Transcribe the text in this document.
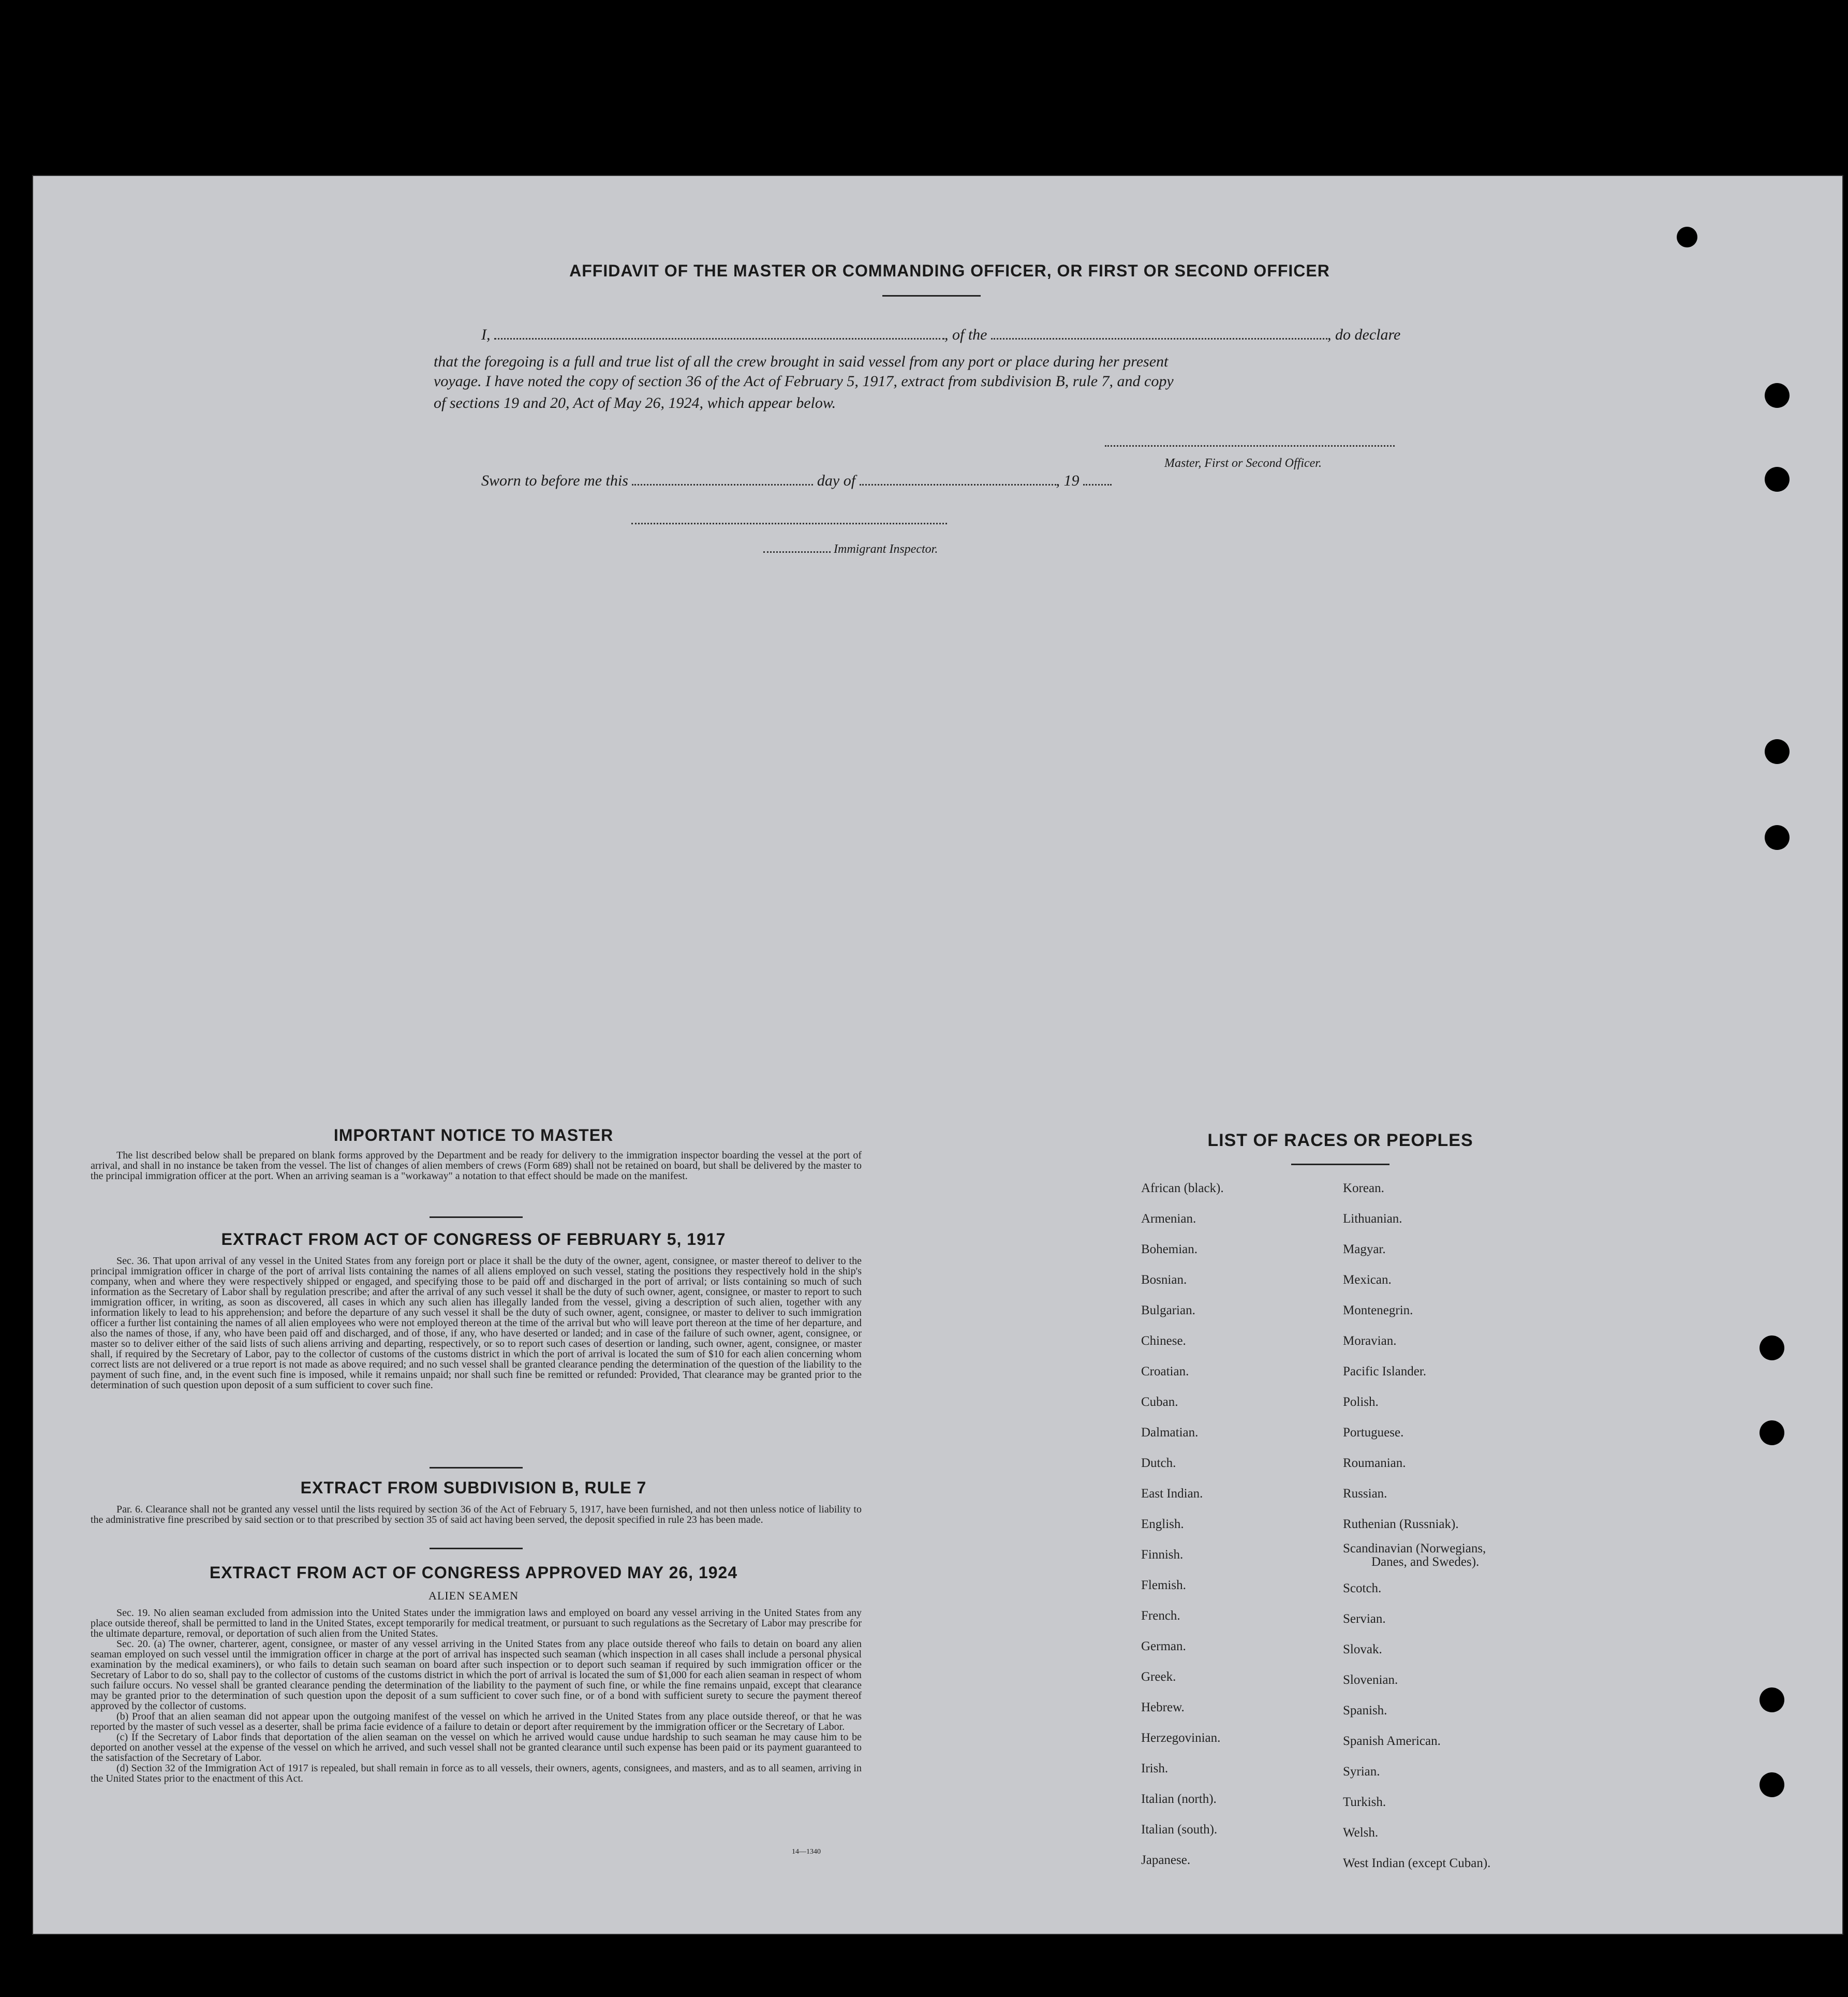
AFFIDAVIT OF THE MASTER OR COMMANDING OFFICER, OR FIRST OR SECOND OFFICER
I,	, of the	, do declare
that the foregoing is a full and true list of all the crew brought in said vessel from any port or place during her present
voyage. I have noted the copy of section 36 of the Act of February 5, 1917, extract from subdivision B, rule 7, and copy
of sections 19 and 20, Act of May 26, 1924, which appear below.
Master, First or Second Officer.
Sworn to before me this	day of	, 19
Immigrant Inspector.
IMPORTANT NOTICE TO MASTER

The list described below shall be prepared on blank forms approved by the Department and be ready for delivery to the immigration inspector boarding the vessel at the port of arrival, and shall in no instance be taken from the vessel. The list of changes of alien members of crews (Form 689) shall not be retained on board, but shall be delivered by the master to the principal immigration officer at the port. When an arriving seaman is a "workaway" a notation to that effect should be made on the manifest.

EXTRACT FROM ACT OF CONGRESS OF FEBRUARY 5, 1917

Sec. 36. That upon arrival of any vessel in the United States from any foreign port or place it shall be the duty of the owner, agent, consignee, or master thereof to deliver to the principal immigration officer in charge of the port of arrival lists containing the names of all aliens employed on such vessel, stating the positions they respectively hold in the ship's company, when and where they were respectively shipped or engaged, and specifying those to be paid off and discharged in the port of arrival; or lists containing so much of such information as the Secretary of Labor shall by regulation prescribe; and after the arrival of any such vessel it shall be the duty of such owner, agent, consignee, or master to report to such immigration officer, in writing, as soon as discovered, all cases in which any such alien has illegally landed from the vessel, giving a description of such alien, together with any information likely to lead to his apprehension; and before the departure of any such vessel it shall be the duty of such owner, agent, consignee, or master to deliver to such immigration officer a further list containing the names of all alien employees who were not employed thereon at the time of the arrival but who will leave port thereon at the time of her departure, and also the names of those, if any, who have been paid off and discharged, and of those, if any, who have deserted or landed; and in case of the failure of such owner, agent, consignee, or master so to deliver either of the said lists of such aliens arriving and departing, respectively, or so to report such cases of desertion or landing, such owner, agent, consignee, or master shall, if required by the Secretary of Labor, pay to the collector of customs of the customs district in which the port of arrival is located the sum of $10 for each alien concerning whom correct lists are not delivered or a true report is not made as above required; and no such vessel shall be granted clearance pending the determination of the question of the liability to the payment of such fine, and, in the event such fine is imposed, while it remains unpaid; nor shall such fine be remitted or refunded: Provided, That clearance may be granted prior to the determination of such question upon deposit of a sum sufficient to cover such fine.

EXTRACT FROM SUBDIVISION B, RULE 7

Par. 6. Clearance shall not be granted any vessel until the lists required by section 36 of the Act of February 5, 1917, have been furnished, and not then unless notice of liability to the administrative fine prescribed by said section or to that prescribed by section 35 of said act having been served, the deposit specified in rule 23 has been made.

EXTRACT FROM ACT OF CONGRESS APPROVED MAY 26, 1924
ALIEN SEAMEN

Sec. 19. No alien seaman excluded from admission into the United States under the immigration laws and employed on board any vessel arriving in the United States from any place outside thereof, shall be permitted to land in the United States, except temporarily for medical treatment, or pursuant to such regulations as the Secretary of Labor may prescribe for the ultimate departure, removal, or deportation of such alien from the United States.

Sec. 20. (a) The owner, charterer, agent, consignee, or master of any vessel arriving in the United States from any place outside thereof who fails to detain on board any alien seaman employed on such vessel until the immigration officer in charge at the port of arrival has inspected such seaman (which inspection in all cases shall include a personal physical examination by the medical examiners), or who fails to detain such seaman on board after such inspection or to deport such seaman if required by such immigration officer or the Secretary of Labor to do so, shall pay to the collector of customs of the customs district in which the port of arrival is located the sum of $1,000 for each alien seaman in respect of whom such failure occurs. No vessel shall be granted clearance pending the determination of the liability to the payment of such fine, or while the fine remains unpaid, except that clearance may be granted prior to the determination of such question upon the deposit of a sum sufficient to cover such fine, or of a bond with sufficient surety to secure the payment thereof approved by the collector of customs.

(b) Proof that an alien seaman did not appear upon the outgoing manifest of the vessel on which he arrived in the United States from any place outside thereof, or that he was reported by the master of such vessel as a deserter, shall be prima facie evidence of a failure to detain or deport after requirement by the immigration officer or the Secretary of Labor.

(c) If the Secretary of Labor finds that deportation of the alien seaman on the vessel on which he arrived would cause undue hardship to such seaman he may cause him to be deported on another vessel at the expense of the vessel on which he arrived, and such vessel shall not be granted clearance until such expense has been paid or its payment guaranteed to the satisfaction of the Secretary of Labor.

(d) Section 32 of the Immigration Act of 1917 is repealed, but shall remain in force as to all vessels, their owners, agents, consignees, and masters, and as to all seamen, arriving in the United States prior to the enactment of this Act.

14—1340
LIST OF RACES OR PEOPLES
African (black).
Armenian.
Bohemian.
Bosnian.
Bulgarian.
Chinese.
Croatian.
Cuban.
Dalmatian.
Dutch.
East Indian.
English.
Finnish.
Flemish.
French.
German.
Greek.
Hebrew.
Herzegovinian.
Irish.
Italian (north).
Italian (south).
Japanese.
Korean.
Lithuanian.
Magyar.
Mexican.
Montenegrin.
Moravian.
Pacific Islander.
Polish.
Portuguese.
Roumanian.
Russian.
Ruthenian (Russniak).
Scandinavian (Norwegians,
Scotch.
Servian.
Slovak.
Slovenian.
Spanish.
Spanish American.
Syrian.
Turkish.
Welsh.
West Indian (except Cuban).
Danes, and Swedes).
